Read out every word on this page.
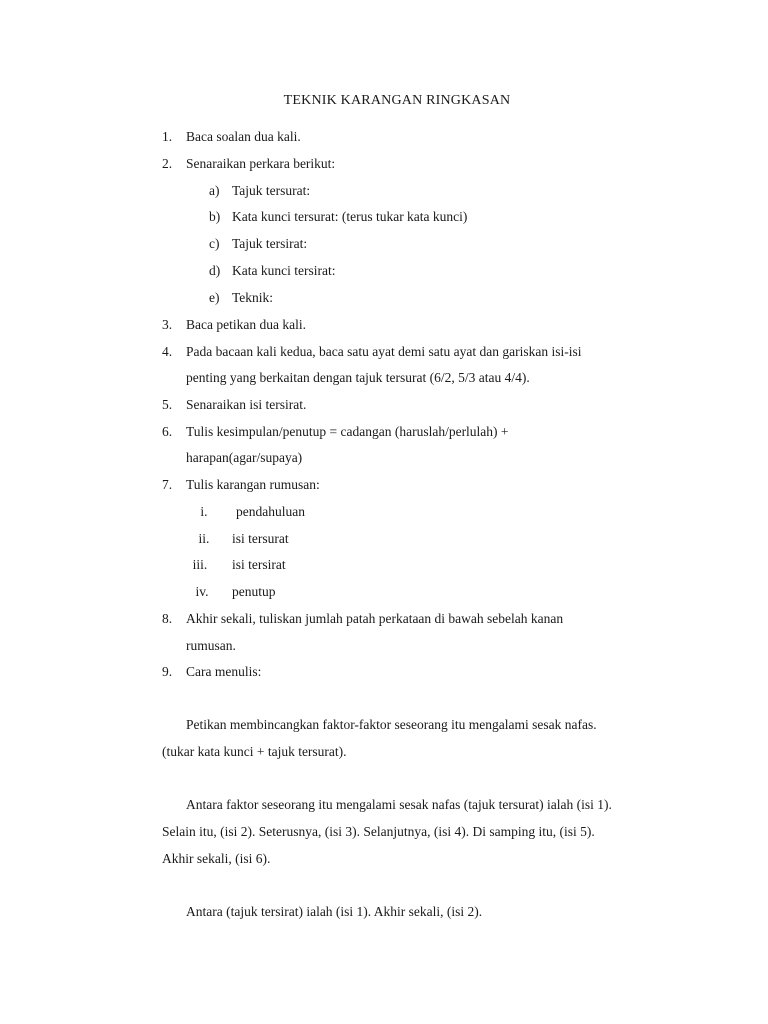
TEKNIK KARANGAN RINGKASAN
1. Baca soalan dua kali.
2. Senaraikan perkara berikut:
a) Tajuk tersurat:
b) Kata kunci tersurat: (terus tukar kata kunci)
c) Tajuk tersirat:
d) Kata kunci tersirat:
e) Teknik:
3. Baca petikan dua kali.
4. Pada bacaan kali kedua, baca satu ayat demi satu ayat dan gariskan isi-isi
penting yang berkaitan dengan tajuk tersurat (6/2, 5/3 atau 4/4).
5. Senaraikan isi tersirat.
6. Tulis kesimpulan/penutup = cadangan (haruslah/perlulah) +
harapan(agar/supaya)
7. Tulis karangan rumusan:
i.	pendahuluan
ii.	isi tersurat
iii.	isi tersirat
iv.	penutup
8. Akhir sekali, tuliskan jumlah patah perkataan di bawah sebelah kanan
rumusan.
9. Cara menulis:
Petikan membincangkan faktor-faktor seseorang itu mengalami sesak nafas.
(tukar kata kunci + tajuk tersurat).
Antara faktor seseorang itu mengalami sesak nafas (tajuk tersurat) ialah (isi 1).
Selain itu, (isi 2). Seterusnya, (isi 3). Selanjutnya, (isi 4). Di samping itu, (isi 5).
Akhir sekali, (isi 6).
Antara (tajuk tersirat) ialah (isi 1). Akhir sekali, (isi 2).
